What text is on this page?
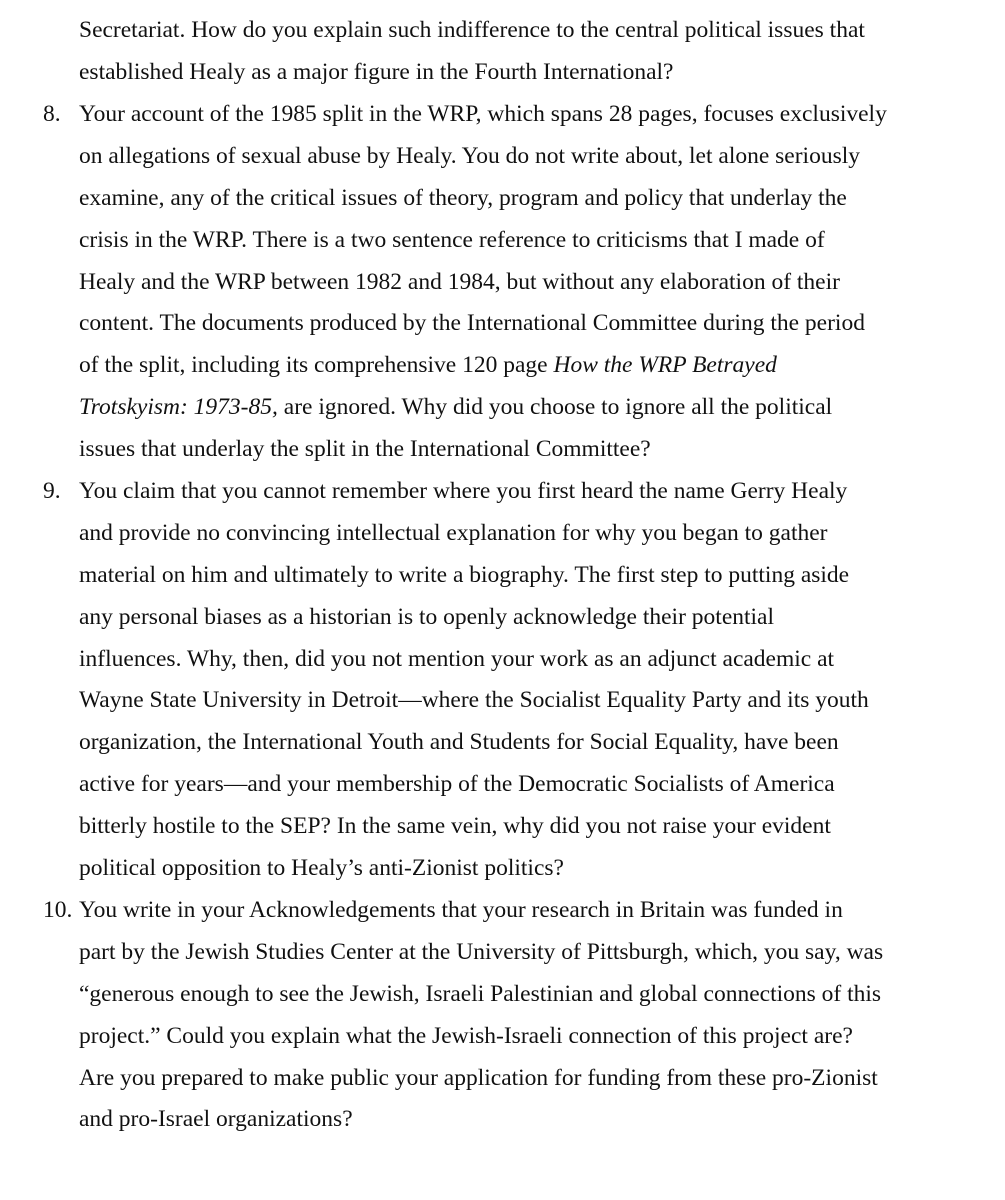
Secretariat. How do you explain such indifference to the central political issues that
established Healy as a major figure in the Fourth International?
8. Your account of the 1985 split in the WRP, which spans 28 pages, focuses exclusively
on allegations of sexual abuse by Healy. You do not write about, let alone seriously
examine, any of the critical issues of theory, program and policy that underlay the
crisis in the WRP. There is a two sentence reference to criticisms that I made of
Healy and the WRP between 1982 and 1984, but without any elaboration of their
content. The documents produced by the International Committee during the period
of the split, including its comprehensive 120 page How the WRP Betrayed
Trotskyism: 1973-85, are ignored. Why did you choose to ignore all the political
issues that underlay the split in the International Committee?
9. You claim that you cannot remember where you first heard the name Gerry Healy
and provide no convincing intellectual explanation for why you began to gather
material on him and ultimately to write a biography. The first step to putting aside
any personal biases as a historian is to openly acknowledge their potential
influences. Why, then, did you not mention your work as an adjunct academic at
Wayne State University in Detroit—where the Socialist Equality Party and its youth
organization, the International Youth and Students for Social Equality, have been
active for years—and your membership of the Democratic Socialists of America
bitterly hostile to the SEP? In the same vein, why did you not raise your evident
political opposition to Healy’s anti-Zionist politics?
10. You write in your Acknowledgements that your research in Britain was funded in
part by the Jewish Studies Center at the University of Pittsburgh, which, you say, was
“generous enough to see the Jewish, Israeli Palestinian and global connections of this
project.” Could you explain what the Jewish-Israeli connection of this project are?
Are you prepared to make public your application for funding from these pro-Zionist
and pro-Israel organizations?
